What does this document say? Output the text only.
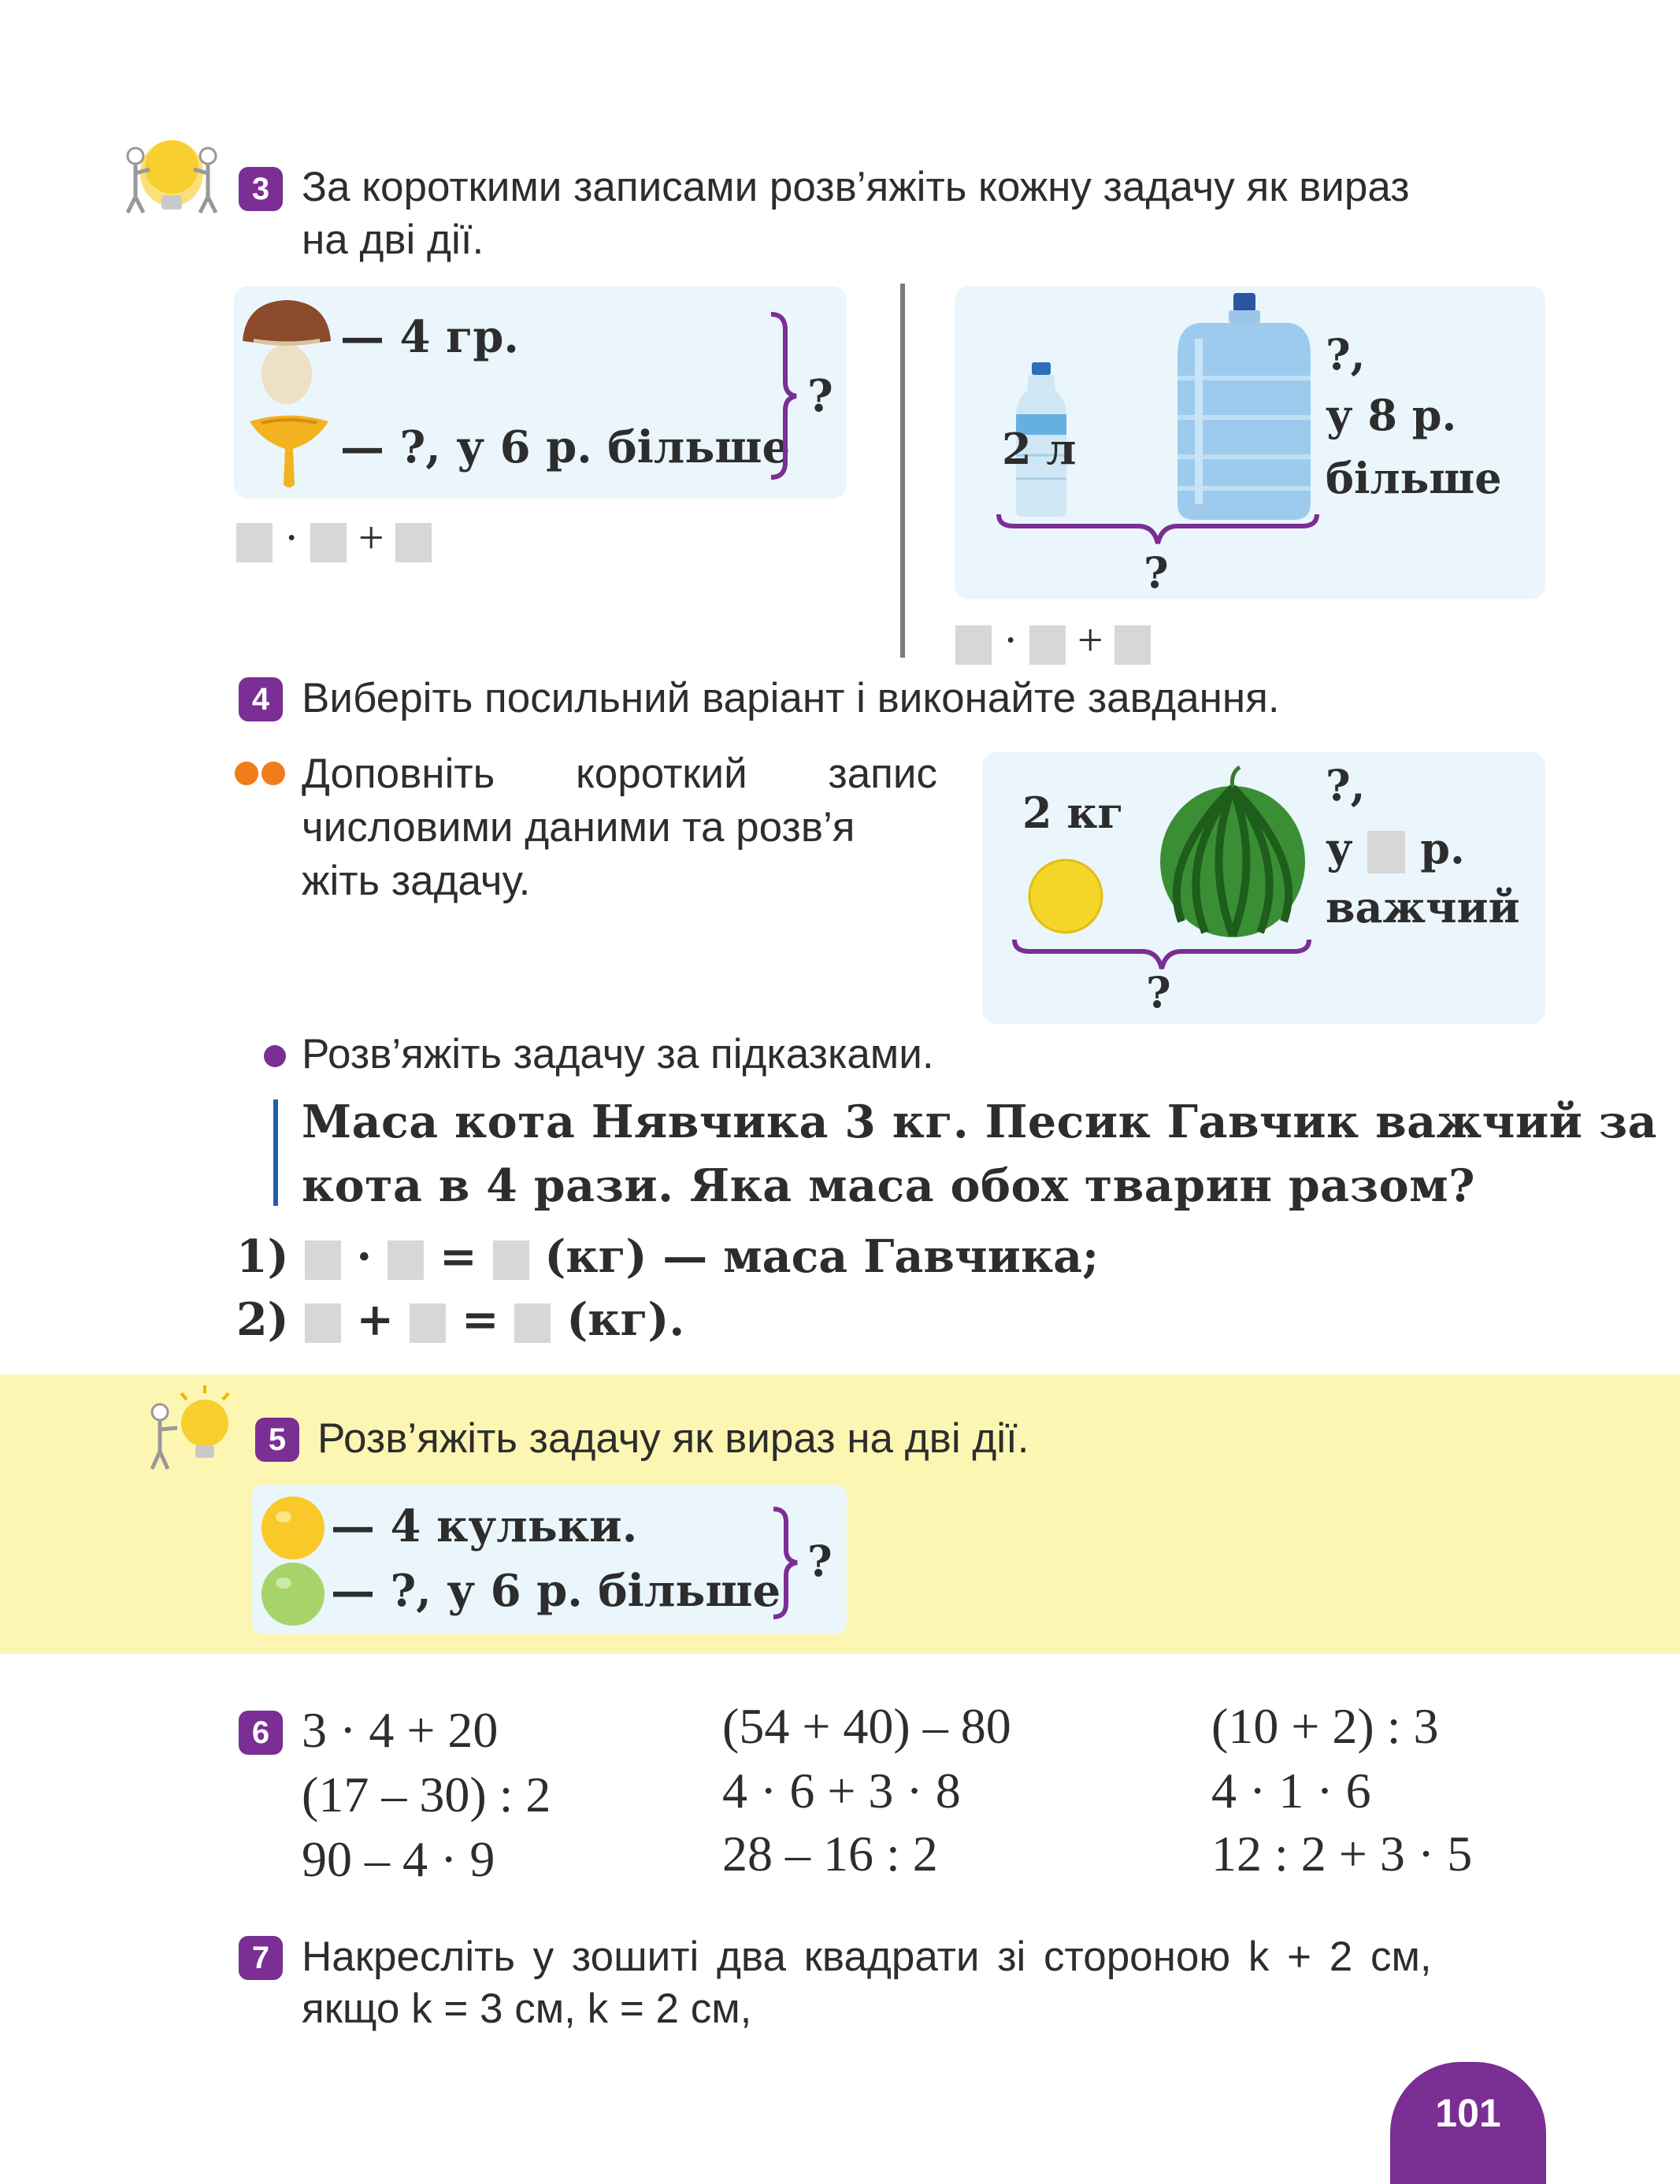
3 За короткими записами розв’яжіть кожну задачу як вираз
на дві дії.
— 4 гр.
— ?, у 6 р. більше
?
· +
2 л
?,
у 8 р.
більше
?
· +
4 Виберіть посильний варіант і виконайте завдання.
Доповніть короткий запис
числовими даними та розв’я
жіть задачу.
2 кг
?,
у р.
важчий
?
Розв’яжіть задачу за підказками.
Маса кота Нявчика 3 кг. Песик Гавчик важчий за
кота в 4 рази. Яка маса обох тварин разом?
1) · = (кг) — маса Гавчика;
2) + = (кг).
5 Розв’яжіть задачу як вираз на дві дії.
— 4 кульки.
— ?, у 6 р. більше
?
6 3 · 4 + 20
(17 – 30) : 2
90 – 4 · 9
(54 + 40) – 80
4 · 6 + 3 · 8
28 – 16 : 2
(10 + 2) : 3
4 · 1 · 6
12 : 2 + 3 · 5
7 Накресліть у зошиті два квадрати зі стороною k + 2 см,
якщо k = 3 см, k = 2 см,
101
